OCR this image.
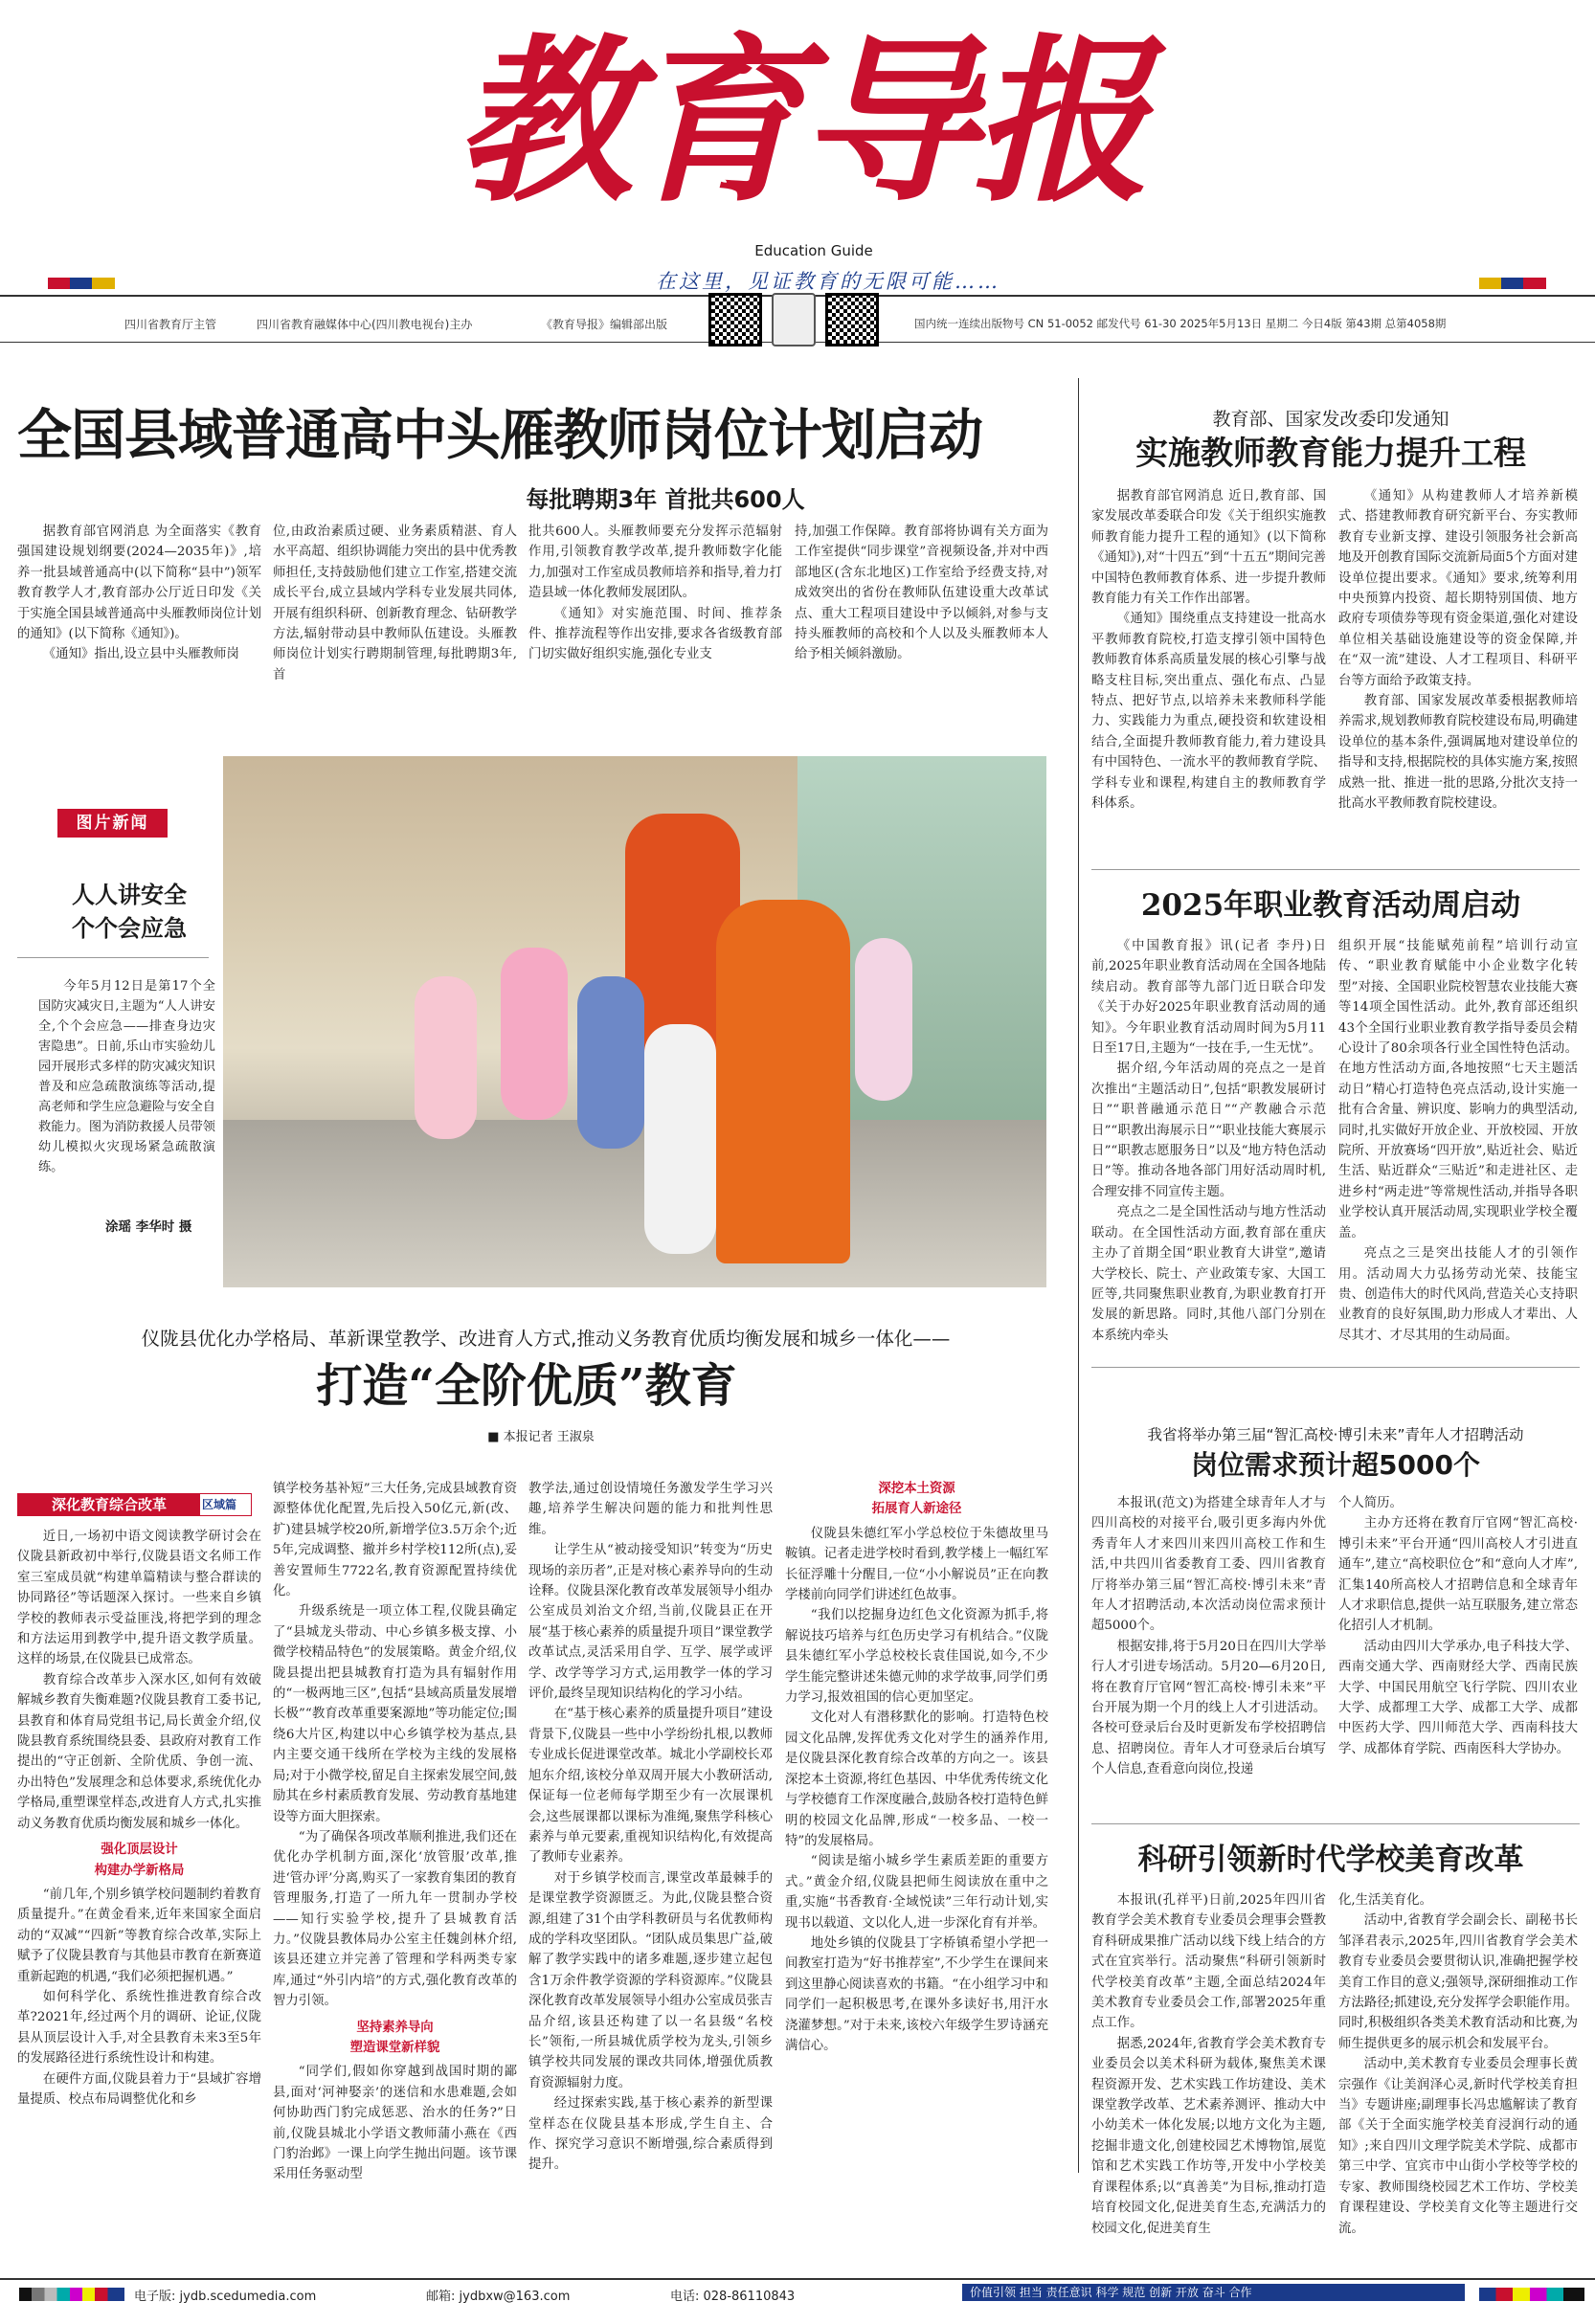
教育导报
Education Guide
在这里，见证教育的无限可能……
四川省教育厅主管	四川省教育融媒体中心(四川教电视台)主办	《教育导报》编辑部出版	国内统一连续出版物号 CN 51-0052 邮发代号 61-30 2025年5月13日 星期二 今日4版 第43期 总第4058期
全国县域普通高中头雁教师岗位计划启动
每批聘期3年 首批共600人

据教育部官网消息 为全面落实《教育强国建设规划纲要(2024—2035年)》,培养一批县域普通高中(以下简称“县中”)领军教育教学人才,教育部办公厅近日印发《关于实施全国县域普通高中头雁教师岗位计划的通知》(以下简称《通知》)。

《通知》指出,设立县中头雁教师岗

位,由政治素质过硬、业务素质精湛、育人水平高超、组织协调能力突出的县中优秀教师担任,支持鼓励他们建立工作室,搭建交流成长平台,成立县域内学科专业发展共同体,开展有组织科研、创新教育理念、钻研教学方法,辐射带动县中教师队伍建设。头雁教师岗位计划实行聘期制管理,每批聘期3年,首

批共600人。头雁教师要充分发挥示范辐射作用,引领教育教学改革,提升教师数字化能力,加强对工作室成员教师培养和指导,着力打造县域一体化教师发展团队。

《通知》对实施范围、时间、推荐条件、推荐流程等作出安排,要求各省级教育部门切实做好组织实施,强化专业支

持,加强工作保障。教育部将协调有关方面为工作室提供“同步课堂”音视频设备,并对中西部地区(含东北地区)工作室给予经费支持,对成效突出的省份在教师队伍建设重大改革试点、重大工程项目建设中予以倾斜,对参与支持头雁教师的高校和个人以及头雁教师本人给予相关倾斜激励。

图片新闻
人人讲安全
个个会应急

今年5月12日是第17个全国防灾减灾日,主题为“人人讲安全,个个会应急——排查身边灾害隐患”。日前,乐山市实验幼儿园开展形式多样的防灾减灾知识普及和应急疏散演练等活动,提高老师和学生应急避险与安全自救能力。图为消防救援人员带领幼儿模拟火灾现场紧急疏散演练。

涂瑶 李华时 摄
仪陇县优化办学格局、革新课堂教学、改进育人方式,推动义务教育优质均衡发展和城乡一体化——
打造“全阶优质”教育
■ 本报记者 王淑泉
深化教育综合改革	区域篇

近日,一场初中语文阅读教学研讨会在仪陇县新政初中举行,仪陇县语文名师工作室三室成员就“构建单篇精读与整合群读的协同路径”等话题深入探讨。一些来自乡镇学校的教师表示受益匪浅,将把学到的理念和方法运用到教学中,提升语文教学质量。这样的场景,在仪陇县已成常态。

教育综合改革步入深水区,如何有效破解城乡教育失衡难题?仪陇县教育工委书记,县教育和体育局党组书记,局长黄金介绍,仪陇县教育系统围绕县委、县政府对教育工作提出的“守正创新、全阶优质、争创一流、办出特色”发展理念和总体要求,系统优化办学格局,重塑课堂样态,改进育人方式,扎实推动义务教育优质均衡发展和城乡一体化。

强化顶层设计
构建办学新格局

“前几年,个别乡镇学校问题制约着教育质量提升。”在黄金看来,近年来国家全面启动的“双减”“四新”等教育综合改革,实际上赋予了仪陇县教育与其他县市教育在新赛道重新起跑的机遇,“我们必须把握机遇。”

如何科学化、系统性推进教育综合改革?2021年,经过两个月的调研、论证,仪陇县从顶层设计入手,对全县教育未来3至5年的发展路径进行系统性设计和构建。

在硬件方面,仪陇县着力于“县域扩容增量提质、校点布局调整优化和乡

镇学校务基补短”三大任务,完成县域教育资源整体优化配置,先后投入50亿元,新(改、扩)建县城学校20所,新增学位3.5万余个;近5年,完成调整、撤并乡村学校112所(点),妥善安置师生7722名,教育资源配置持续优化。

升级系统是一项立体工程,仪陇县确定了“县城龙头带动、中心乡镇多极支撑、小微学校精品特色”的发展策略。黄金介绍,仪陇县提出把县城教育打造为具有辐射作用的“一极两地三区”,包括“县域高质量发展增长极”“教育改革重要案源地”等功能定位;围绕6大片区,构建以中心乡镇学校为基点,县内主要交通干线所在学校为主线的发展格局;对于小微学校,留足自主探索发展空间,鼓励其在乡村素质教育发展、劳动教育基地建设等方面大胆探索。

“为了确保各项改革顺利推进,我们还在优化办学机制方面,深化‘放管服’改革,推进‘管办评’分离,购买了一家教育集团的教育管理服务,打造了一所九年一贯制办学校——知行实验学校,提升了县城教育活力。”仪陇县教体局办公室主任魏剑林介绍,该县还建立并完善了管理和学科两类专家库,通过“外引内培”的方式,强化教育改革的智力引领。

坚持素养导向
塑造课堂新样貌

“同学们,假如你穿越到战国时期的鄙县,面对‘河神娶亲’的迷信和水患难题,会如何协助西门豹完成惩恶、治水的任务?”日前,仪陇县城北小学语文教师蒲小燕在《西门豹治邺》一课上向学生抛出问题。该节课采用任务驱动型

教学法,通过创设情境任务激发学生学习兴趣,培养学生解决问题的能力和批判性思维。

让学生从“被动接受知识”转变为“历史现场的亲历者”,正是对核心素养导向的生动诠释。仪陇县深化教育改革发展领导小组办公室成员刘治文介绍,当前,仪陇县正在开展“基于核心素养的质量提升项目”课堂教学改革试点,灵活采用自学、互学、展学或评学、改学等学习方式,运用教学一体的学习评价,最终呈现知识结构化的学习小结。

在“基于核心素养的质量提升项目”建设背景下,仪陇县一些中小学纷纷扎根,以教师专业成长促进课堂改革。城北小学副校长邓旭东介绍,该校分单双周开展大小教研活动,保证每一位老师每学期至少有一次展课机会,这些展课都以课标为准绳,聚焦学科核心素养与单元要素,重视知识结构化,有效提高了教师专业素养。

对于乡镇学校而言,课堂改革最棘手的是课堂教学资源匮乏。为此,仪陇县整合资源,组建了31个由学科教研员与名优教师构成的学科攻坚团队。“团队成员集思广益,破解了教学实践中的诸多难题,逐步建立起包含1万余件教学资源的学科资源库。”仪陇县深化教育改革发展领导小组办公室成员张吉品介绍,该县还构建了以一名县级“名校长”领衔,一所县城优质学校为龙头,引领乡镇学校共同发展的课改共同体,增强优质教育资源辐射力度。

经过探索实践,基于核心素养的新型课堂样态在仪陇县基本形成,学生自主、合作、探究学习意识不断增强,综合素质得到提升。

深挖本土资源
拓展育人新途径

仪陇县朱德红军小学总校位于朱德故里马鞍镇。记者走进学校时看到,教学楼上一幅红军长征浮雕十分醒目,一位“小小解说员”正在向教学楼前向同学们讲述红色故事。

“我们以挖掘身边红色文化资源为抓手,将解说技巧培养与红色历史学习有机结合。”仪陇县朱德红军小学总校校长袁佳国说,如今,不少学生能完整讲述朱德元帅的求学故事,同学们勇力学习,报效祖国的信心更加坚定。

文化对人有潜移默化的影响。打造特色校园文化品牌,发挥优秀文化对学生的涵养作用,是仪陇县深化教育综合改革的方向之一。该县深挖本土资源,将红色基因、中华优秀传统文化与学校德育工作深度融合,鼓励各校打造特色鲜明的校园文化品牌,形成“一校多品、一校一特”的发展格局。

“阅读是缩小城乡学生素质差距的重要方式。”黄金介绍,仪陇县把师生阅读放在重中之重,实施“书香教育·全域悦读”三年行动计划,实现书以载道、文以化人,进一步深化育有并举。

地处乡镇的仪陇县丁字桥镇希望小学把一间教室打造为“好书推荐室”,不少学生在课间来到这里静心阅读喜欢的书籍。“在小组学习中和同学们一起积极思考,在课外多读好书,用汗水浇灌梦想。”对于未来,该校六年级学生罗诗涵充满信心。

教育部、国家发改委印发通知
实施教师教育能力提升工程

据教育部官网消息 近日,教育部、国家发展改革委联合印发《关于组织实施教师教育能力提升工程的通知》(以下简称《通知》),对“十四五”到“十五五”期间完善中国特色教师教育体系、进一步提升教师教育能力有关工作作出部署。

《通知》围绕重点支持建设一批高水平教师教育院校,打造支撑引领中国特色教师教育体系高质量发展的核心引擎与战略支柱目标,突出重点、强化布点、凸显特点、把好节点,以培养未来教师科学能力、实践能力为重点,硬投资和软建设相结合,全面提升教师教育能力,着力建设具有中国特色、一流水平的教师教育学院、学科专业和课程,构建自主的教师教育学科体系。

《通知》从构建教师人才培养新模式、搭建教师教育研究新平台、夯实教师教育专业新支撑、建设引领服务社会新高地及开创教育国际交流新局面5个方面对建设单位提出要求。《通知》要求,统筹利用中央预算内投资、超长期特别国债、地方政府专项债券等现有资金渠道,强化对建设单位相关基础设施建设等的资金保障,并在“双一流”建设、人才工程项目、科研平台等方面给予政策支持。

教育部、国家发展改革委根据教师培养需求,规划教师教育院校建设布局,明确建设单位的基本条件,强调属地对建设单位的指导和支持,根据院校的具体实施方案,按照成熟一批、推进一批的思路,分批次支持一批高水平教师教育院校建设。

2025年职业教育活动周启动

《中国教育报》讯(记者 李丹)日前,2025年职业教育活动周在全国各地陆续启动。教育部等九部门近日联合印发《关于办好2025年职业教育活动周的通知》。今年职业教育活动周时间为5月11日至17日,主题为“一技在手,一生无忧”。

据介绍,今年活动周的亮点之一是首次推出“主题活动日”,包括“职教发展研讨日”“职普融通示范日”“产教融合示范日”“职教出海展示日”“职业技能大赛展示日”“职教志愿服务日”以及“地方特色活动日”等。推动各地各部门用好活动周时机,合理安排不同宣传主题。

亮点之二是全国性活动与地方性活动联动。在全国性活动方面,教育部在重庆主办了首期全国“职业教育大讲堂”,邀请大学校长、院士、产业政策专家、大国工匠等,共同聚焦职业教育,为职业教育打开发展的新思路。同时,其他八部门分别在本系统内牵头

组织开展“技能赋苑前程”培训行动宣传、“职业教育赋能中小企业数字化转型”对接、全国职业院校智慧农业技能大赛等14项全国性活动。此外,教育部还组织43个全国行业职业教育教学指导委员会精心设计了80余项各行业全国性特色活动。在地方性活动方面,各地按照“七天主题活动日”精心打造特色亮点活动,设计实施一批有合舍量、辨识度、影响力的典型活动,同时,扎实做好开放企业、开放校园、开放院所、开放赛场“四开放”,贴近社会、贴近生活、贴近群众“三贴近”和走进社区、走进乡村“两走进”等常规性活动,并指导各职业学校认真开展活动周,实现职业学校全覆盖。

亮点之三是突出技能人才的引领作用。活动周大力弘扬劳动光荣、技能宝贵、创造伟大的时代风尚,营造关心支持职业教育的良好氛围,助力形成人才辈出、人尽其才、才尽其用的生动局面。

我省将举办第三届“智汇高校·博引未来”青年人才招聘活动
岗位需求预计超5000个

本报讯(范文)为搭建全球青年人才与四川高校的对接平台,吸引更多海内外优秀青年人才来四川来四川高校工作和生活,中共四川省委教育工委、四川省教育厅将举办第三届“智汇高校·博引未来”青年人才招聘活动,本次活动岗位需求预计超5000个。

根据安排,将于5月20日在四川大学举行人才引进专场活动。5月20—6月20日,将在教育厅官网“智汇高校·博引未来”平台开展为期一个月的线上人才引进活动。各校可登录后台及时更新发布学校招聘信息、招聘岗位。青年人才可登录后台填写个人信息,查看意向岗位,投递

个人简历。

主办方还将在教育厅官网“智汇高校·博引未来”平台开通“四川高校人才引进直通车”,建立“高校职位仓”和“意向人才库”,汇集140所高校人才招聘信息和全球青年人才求职信息,提供一站互联服务,建立常态化招引人才机制。

活动由四川大学承办,电子科技大学、西南交通大学、西南财经大学、西南民族大学、中国民用航空飞行学院、四川农业大学、成都理工大学、成都工大学、成都中医药大学、四川师范大学、西南科技大学、成都体育学院、西南医科大学协办。

科研引领新时代学校美育改革

本报讯(孔祥平)日前,2025年四川省教育学会美术教育专业委员会理事会暨教育科研成果推广活动以线下线上结合的方式在宜宾举行。活动聚焦“科研引领新时代学校美育改革”主题,全面总结2024年美术教育专业委员会工作,部署2025年重点工作。

据悉,2024年,省教育学会美术教育专业委员会以美术科研为载体,聚焦美术课程资源开发、艺术实践工作坊建设、美术课堂教学改革、艺术素养测评、推动大中小幼美术一体化发展;以地方文化为主题,挖掘非遗文化,创建校园艺术博物馆,展览馆和艺术实践工作坊等,开发中小学校美育课程体系;以“真善美”为目标,推动打造培育校园文化,促进美育生态,充满活力的校园文化,促进美育生

化,生活美育化。

活动中,省教育学会副会长、副秘书长邹泽君表示,2025年,四川省教育学会美术教育专业委员会要贯彻认识,准确把握学校美育工作目的意义;强领导,深研细推动工作方法路径;抓建设,充分发挥学会职能作用。同时,积极组织各类美术教育活动和比赛,为师生提供更多的展示机会和发展平台。

活动中,美术教育专业委员会理事长黄宗强作《让美润泽心灵,新时代学校美育担当》专题讲座;副理事长冯忠尴解读了教育部《关于全面实施学校美育浸润行动的通知》;来自四川文理学院美术学院、成都市第三中学、宜宾市中山街小学校等学校的专家、教师围绕校园艺术工作坊、学校美育课程建设、学校美育文化等主题进行交流。

电子版: jydb.scedumedia.com	邮箱: jydbxw@163.com	电话: 028-86110843	价值引领 担当 责任意识 科学 规范 创新 开放 奋斗 合作
